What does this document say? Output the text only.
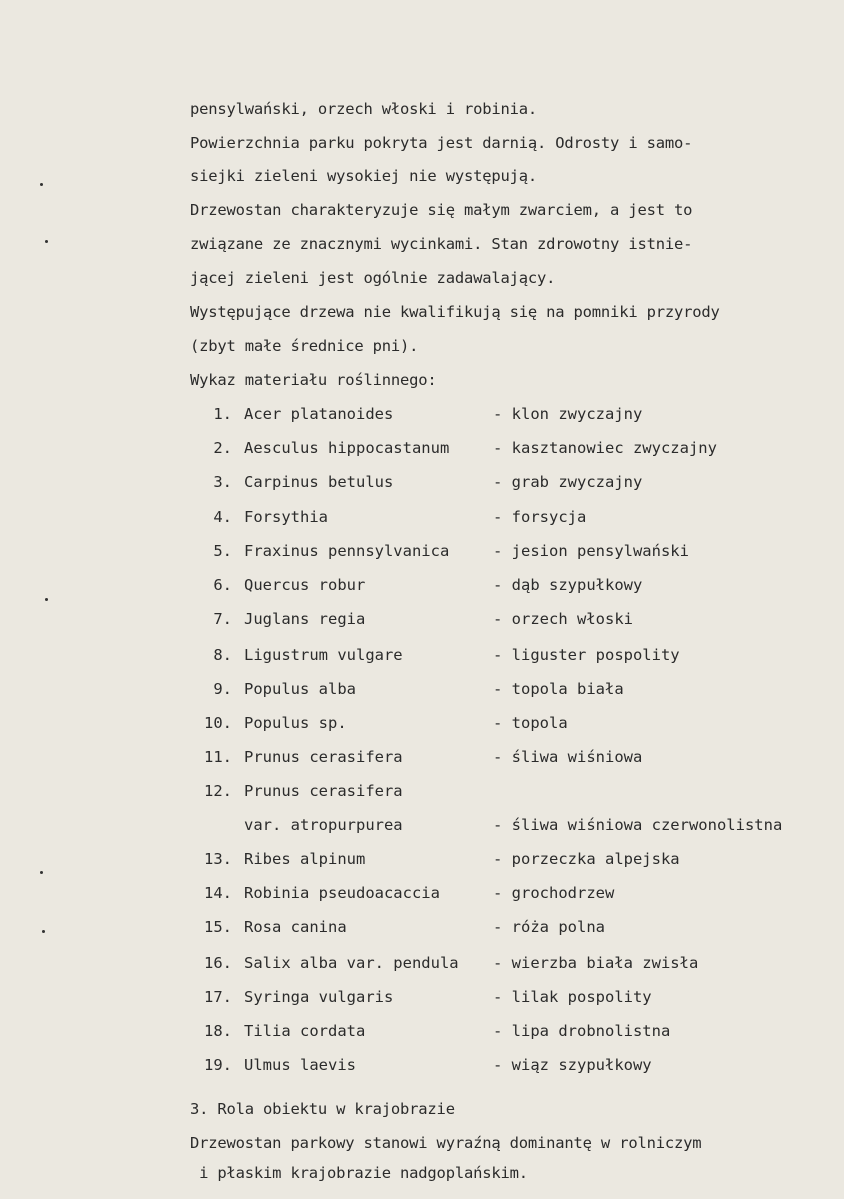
pensylwański, orzech włoski i robinia.
Powierzchnia parku pokryta jest darnią. Odrosty i samo-
siejki zieleni wysokiej nie występują.
Drzewostan charakteryzuje się małym zwarciem, a jest to
związane ze znacznymi wycinkami. Stan zdrowotny istnie-
jącej zieleni jest ogólnie zadawalający.
Występujące drzewa nie kwalifikują się na pomniki przyrody
(zbyt małe średnice pni).
Wykaz materiału roślinnego:
1. Acer platanoides	- klon zwyczajny
2. Aesculus hippocastanum	- kasztanowiec zwyczajny
3. Carpinus betulus	- grab zwyczajny
4. Forsythia	- forsycja
5. Fraxinus pennsylvanica	- jesion pensylwański
6. Quercus robur	- dąb szypułkowy
7. Juglans regia	- orzech włoski
8. Ligustrum vulgare	- liguster pospolity
9. Populus alba	- topola biała
10. Populus sp.	- topola
11. Prunus cerasifera	- śliwa wiśniowa
12. Prunus cerasifera
var. atropurpurea	- śliwa wiśniowa czerwonolistna
13. Ribes alpinum	- porzeczka alpejska
14. Robinia pseudoacaccia	- grochodrzew
15. Rosa canina	- róża polna
16. Salix alba var. pendula - wierzba biała zwisła
17. Syringa vulgaris	- lilak pospolity
18. Tilia cordata	- lipa drobnolistna
19. Ulmus laevis	- wiąz szypułkowy
3. Rola obiektu w krajobrazie
Drzewostan parkowy stanowi wyraźną dominantę w rolniczym
i płaskim krajobrazie nadgoplańskim.
